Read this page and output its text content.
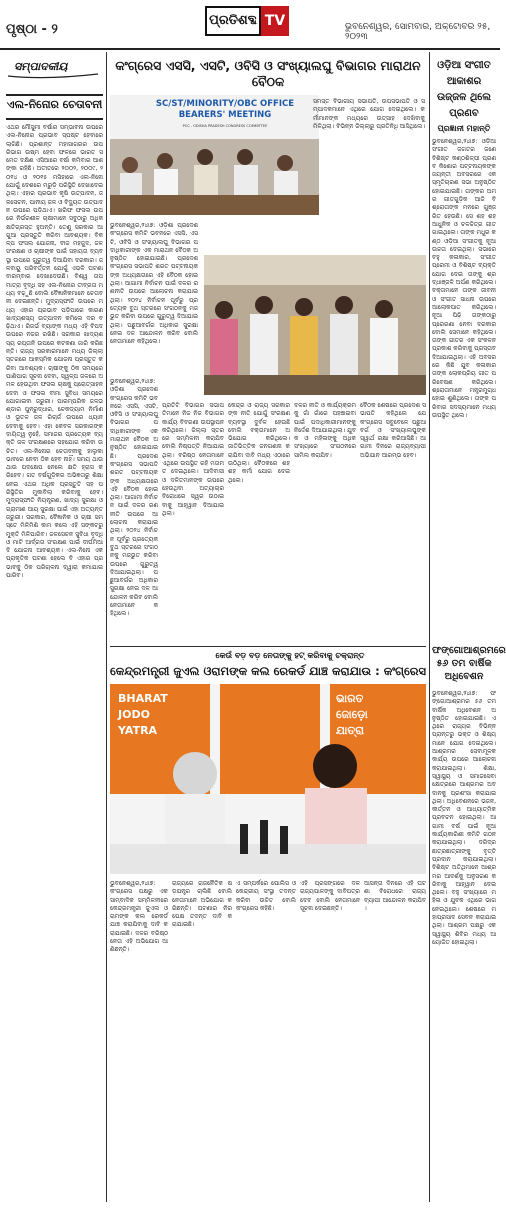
ପୃଷ୍ଠା - ୨
ପ୍ରତିଶବ୍ଦ TV	ଭୁବନେଶ୍ୱର, ସୋମବାର, ଅକ୍ଟୋବର ୨୫, ୨୦୨୩
ସମ୍ପାଦକୀୟ
ଏଲ-ନିନୋର ଚେତାବନୀ
ଏଥର ମୌସୁମୀ ବର୍ଷାର ସମ୍ଭାବନା ଉପରେ ଏଲ-ନିନୋର ପ୍ରଭାବ ସ୍ପଷ୍ଟ ହେବାରେ ଲାଗିଛି। ପ୍ରଶାନ୍ତ ମହାସାଗରର ଉପରିଭାଗ ଉଷ୍ମ ହେବା ଫଳରେ ଭାରତ ସମେତ ଦକ୍ଷିଣ ଏସିଆରେ ବର୍ଷା କମିବାର ଆଶଙ୍କା ରହିଛି। ଅତୀତରେ ୨୦୦୨, ୨୦୦୯, ୨୦୧୪ ଓ ୨୦୧୫ ମସିହାରେ ଏଲ-ନିନୋ ଯୋଗୁଁ ଦେଶରେ ମରୁଡ଼ି ପରିସ୍ଥିତି ଦେଖାଦେଇଥିଲା। ଏହାର ପ୍ରଭାବ କୃଷି ଉତ୍ପାଦନ, ଜଳସେଚନ, ପାନୀୟ ଜଳ ଓ ବିଦ୍ୟୁତ ଉତ୍ପାଦନ ଉପରେ ପଡ଼ିଥାଏ। ଖରିଫ ଫସଲ ଉପରେ ନିର୍ଭରଶୀଳ ଚାଷୀମାନେ ସବୁଠାରୁ ଅଧିକ କ୍ଷତିଗ୍ରସ୍ତ ହୁଅନ୍ତି। ତେଣୁ ସରକାର ଆଗୁଆ ପ୍ରସ୍ତୁତି କରିବା ଆବଶ୍ୟକ। ବିକଳ୍ପ ଫସଲ ଯୋଜନା, ବୀଜ ମହଜୁଦ, ଜଳ ସଂରକ୍ଷଣ ଓ ଚାଷୀଙ୍କ ପାଇଁ ସହାୟତା ବ୍ୟବସ୍ଥା ଉପରେ ଗୁରୁତ୍ୱ ଦିଆଯିବା ଦରକାର। ଜଳବାୟୁ ପରିବର୍ତ୍ତନ ଯୋଗୁଁ ଏଭଳି ଘଟଣା ବାରମ୍ବାର ଦେଖାଦେଉଛି। ବିଶ୍ୱ ତାପମାତ୍ରା ବୃଦ୍ଧି ସହ ଏଲ-ନିନୋର ତୀବ୍ରତା ମଧ୍ୟ ବଢ଼ୁଛି ବୋଲି ବୈଜ୍ଞାନିକମାନେ ଚେତାବନୀ ଦେଇଛନ୍ତି। ମୁଦ୍ରାସ୍ଫୀତି ଉପରେ ମଧ୍ୟ ଏହାର ପ୍ରଭାବ ପଡ଼ିପାରେ କାରଣ ଖାଦ୍ୟଶସ୍ୟ ଉତ୍ପାଦନ କମିଲେ ଦର ବଢ଼ିଥାଏ। ରିଜର୍ଭ ବ୍ୟାଙ୍କ ମଧ୍ୟ ଏହି ବିପଦ ଉପରେ ନଜର ରଖିଛି। ସରକାର ଖାଦ୍ୟଶସ୍ୟ ରପ୍ତାନି ଉପରେ କଟକଣା ଜାରି କରିଛନ୍ତି। ରାଜ୍ୟ ସରକାରମାନେ ମଧ୍ୟ ଜିଲ୍ଲା ସ୍ତରରେ ଆକସ୍ମିକ ଯୋଜନା ପ୍ରସ୍ତୁତ କରିବା ଆବଶ୍ୟକ। ଚାଷୀଙ୍କୁ ଠିକ ସମୟରେ ପାଣିପାଗ ସୂଚନା ଦେବା, ସ୍ୱଳ୍ପ ଜଳରେ ଅମଳ ହେଉଥିବା ଫସଲ ଚାଷକୁ ପ୍ରୋତ୍ସାହନ ଦେବା ଓ ଫସଲ ବୀମା ସୁବିଧା ସମୟରେ ଯୋଗାଇବା ଜରୁରୀ। ପାରମ୍ପରିକ ଜଳଭଣ୍ଡାର ପୁନରୁଦ୍ଧାର, ଚେକଡ୍ୟାମ ନିର୍ମାଣ ଓ ଭୂତଳ ଜଳ ରିଚାର୍ଜ ଉପରେ ଧ୍ୟାନ ଦେବାକୁ ହେବ। ଏହା କେବଳ ସରକାରଙ୍କ ଦାୟିତ୍ୱ ନୁହେଁ, ସମାଜର ପ୍ରତ୍ୟେକ ବ୍ୟକ୍ତି ଜଳ ସଂରକ୍ଷଣରେ ସହଯୋଗ କରିବା ଉଚିତ। ଏଲ-ନିନୋର ଚେତାବନୀକୁ ହାଲୁକା ଭାବରେ ନେବା ଠିକ ହେବ ନାହିଁ। ସମୟ ଥାଉ ଥାଉ ପଦକ୍ଷେପ ନେଲେ କ୍ଷତି ହ୍ରାସ କରିହେବ। ଗତ ବର୍ଷଗୁଡ଼ିକର ଅଭିଜ୍ଞତାରୁ ଶିକ୍ଷା ନେଇ ଏଥର ଅଧିକ ପ୍ରସ୍ତୁତି ସହ ପରିସ୍ଥିତିର ମୁକାବିଲା କରିବାକୁ ହେବ। ମୁଦ୍ରାସ୍ଫୀତି ନିୟନ୍ତ୍ରଣ, ଖାଦ୍ୟ ସୁରକ୍ଷା ଓ ଗ୍ରାମୀଣ ଆୟ ସୁରକ୍ଷା ପାଇଁ ଏହା ଅତ୍ୟନ୍ତ ଜରୁରୀ। ସରକାର, ବୈଜ୍ଞାନିକ ଓ ଚାଷୀ ସମସ୍ତେ ମିଳିମିଶି କାମ କଲେ ଏହି ସଙ୍କଟରୁ ମୁକ୍ତି ମିଳିପାରିବ। ଜଳସେଚନ ସୁବିଧା ବୃଦ୍ଧି ଓ ମାଟି ଆର୍ଦ୍ରତା ସଂରକ୍ଷଣ ପାଇଁ ଦୀର୍ଘମିଆଦି ଯୋଜନା ଆବଶ୍ୟକ। ଏଲ-ନିନୋ ଏକ ପ୍ରାକୃତିକ ଘଟଣା ହେଲେ ବି ଏହାର ପ୍ରଭାବକୁ ଠିକ ପରିଚାଳନା ଦ୍ୱାରା କମାଯାଇପାରିବ।
କଂଗ୍ରେସ ଏସସି, ଏସଟି, ଓବିସି ଓ ସଂଖ୍ୟାଲଘୁ ବିଭାଗର ମାରାଥନ ବୈଠକ
SC/ST/MINORITY/OBC OFFICE BEARERS' MEETING
PCC - ODISHA PRADESH CONGRESS COMMITTEE
ଭୁବନେଶ୍ୱର,୨୪ା୭: ଓଡ଼ିଶା ପ୍ରଦେଶ କଂଗ୍ରେସ କମିଟି ଭବନରେ ଏସସି, ଏସଟି, ଓବିସି ଓ ସଂଖ୍ୟାଲଘୁ ବିଭାଗର ପଦାଧିକାରୀଙ୍କ ଏକ ମାରାଥନ ବୈଠକ ଅନୁଷ୍ଠିତ ହୋଇଯାଇଛି। ପ୍ରଦେଶ କଂଗ୍ରେସ ସଭାପତି ଶରତ ପଟ୍ଟନାୟକଙ୍କ ଅଧ୍ୟକ୍ଷତାରେ ଏହି ବୈଠକ ହୋଇଥିଲା। ଆଗାମୀ ନିର୍ବାଚନ ପାଇଁ ଦଳର ରଣନୀତି ଉପରେ ଆଲୋଚନା କରାଯାଇଥିଲା। ୨୦୨୪ ନିର୍ବାଚନ ପୂର୍ବରୁ ପ୍ରତ୍ୟେକ ବୁଥ ସ୍ତରରେ ସଂଗଠନକୁ ମଜଭୁତ କରିବା ଉପରେ ଗୁରୁତ୍ୱ ଦିଆଯାଇଥିଲା। ପଛୁଆବର୍ଗର ଅଧିକାର ସୁରକ୍ଷା ନେଇ ଦଳ ଆନ୍ଦୋଳନ କରିବ ବୋଲି ନେତାମାନେ କହିଥିଲେ।
ଭୁବନେଶ୍ୱର,୨୪ା୭: ଓଡ଼ିଶା ପ୍ରଦେଶ କଂଗ୍ରେସ କମିଟି ଭବନରେ ଏସସି, ଏସଟି, ଓବିସି ଓ ସଂଖ୍ୟାଲଘୁ ବିଭାଗର ପଦାଧିକାରୀଙ୍କ ଏକ ମାରାଥନ ବୈଠକ ଅନୁଷ୍ଠିତ ହୋଇଯାଇଛି। ପ୍ରଦେଶ କଂଗ୍ରେସ ସଭାପତି ଶରତ ପଟ୍ଟନାୟକଙ୍କ ଅଧ୍ୟକ୍ଷତାରେ ଏହି ବୈଠକ ହୋଇଥିଲା। ଆଗାମୀ ନିର୍ବାଚନ ପାଇଁ ଦଳର ରଣନୀତି ଉପରେ ଆଲୋଚନା କରାଯାଇଥିଲା। ୨୦୨୪ ନିର୍ବାଚନ ପୂର୍ବରୁ ପ୍ରତ୍ୟେକ ବୁଥ ସ୍ତରରେ ସଂଗଠନକୁ ମଜଭୁତ କରିବା ଉପରେ ଗୁରୁତ୍ୱ ଦିଆଯାଇଥିଲା। ପଛୁଆବର୍ଗର ଅଧିକାର ସୁରକ୍ଷା ନେଇ ଦଳ ଆନ୍ଦୋଳନ କରିବ ବୋଲି ନେତାମାନେ କହିଥିଲେ।
ସମସ୍ତ ବିଭାଗୀୟ ସଭାପତି, ଉପସଭାପତି ଓ ସମ୍ପାଦକମାନେ ଏଥିରେ ଯୋଗ ଦେଇଥିଲେ। କର୍ମୀମାନଙ୍କ ମଧ୍ୟରେ ଉତ୍ସାହ ଦେଖିବାକୁ ମିଳିଥିଲା। ବିଭିନ୍ନ ଜିଲ୍ଲାରୁ ପ୍ରତିନିଧି ଆସିଥିଲେ।
ପ୍ରତିଟି ବିଭାଗର ସଭାପତିମାନେ ନିଜ ନିଜ ବିଭାଗର କାର୍ଯ୍ୟ ବିବରଣୀ ଉପସ୍ଥାପନ କରିଥିଲେ। ଜିଲ୍ଲା ସ୍ତରରେ ସମ୍ମିଳନୀ କରାଯିବ ବୋଲି ନିଷ୍ପତ୍ତି ନିଆଯାଇଥିଲା। ବରିଷ୍ଠ ନେତାମାନେ ଏଥିରେ ଉପସ୍ଥିତ ରହି ମତାମତ ଦେଇଥିଲେ। ଆଦିବାସୀ ଓ ଦଳିତମାନଙ୍କ ଉପରେ ହେଉଥିବା ଅତ୍ୟାଚାର ବିରୋଧରେ ସ୍ୱର ଉଠାଇବାକୁ ଆହ୍ୱାନ ଦିଆଯାଇଥିଲା।
କେନ୍ଦ୍ର ଓ ରାଜ୍ୟ ସରକାରଙ୍କ ନୀତି ଯୋଗୁଁ ସଂରକ୍ଷଣ ବ୍ୟବସ୍ଥା ଦୁର୍ବଳ ହେଉଛି ବୋଲି ବକ୍ତାମାନେ ଅଭିଯୋଗ କରିଥିଲେ। ଜାତିଭିତ୍ତିକ ଜନଗଣନା କରାଯିବା ଦାବି ମଧ୍ୟ ଏଠାରେ ଉଠିଥିଲା। ବୈଠକରେ ଶହ ଶହ କର୍ମୀ ଯୋଗ ଦେଇଥିଲେ।
ଦଳର ନୀତି ଓ କାର୍ଯ୍ୟକ୍ରମକୁ ଗାଁ ଗାଁରେ ପହଞ୍ଚାଇବା ପାଇଁ ପଦାଧିକାରୀମାନଙ୍କୁ ନିର୍ଦ୍ଦେଶ ଦିଆଯାଇଥିଲା। ଯୁବକ ଓ ମହିଳାଙ୍କୁ ଅଧିକ ସଂଖ୍ୟାରେ ସଂଗଠନରେ ସାମିଲ କରାଯିବ।
ବୈଠକ ଶେଷରେ ପ୍ରଦେଶ ସଭାପତି କହିଥିଲେ ଯେ କଂଗ୍ରେସ ସବୁବେଳେ ପଛୁଆବର୍ଗ ଓ ସଂଖ୍ୟାଲଘୁଙ୍କ ସ୍ୱାର୍ଥ ରକ୍ଷା କରିଆସିଛି। ଆଗାମୀ ଦିନରେ ରାଜ୍ୟବ୍ୟାପୀ ଅଭିଯାନ ଆରମ୍ଭ ହେବ।
କେଉଁ ବଡ଼ ବଡ଼ ନେତାଙ୍କୁ ହଟ୍ କରିବାକୁ ଚକ୍ରାନ୍ତ
କେନ୍ଦ୍ରମନ୍ତ୍ରୀ ଜୁଏଲ ଓରାମଙ୍କ କଲ ରେକର୍ଡ ଯାଞ୍ଚ କରାଯାଉ : କଂଗ୍ରେସ
BHARAT
JODO
YATRA
ଭାରତ
ଜୋଡ଼ୋ
ଯାତ୍ରା
ଭୁବନେଶ୍ୱର,୨୪ା୭: କଂଗ୍ରେସ ପକ୍ଷରୁ ଏକ ସାମ୍ବାଦିକ ସମ୍ମିଳନୀରେ କେନ୍ଦ୍ରମନ୍ତ୍ରୀ ଜୁଏଲ ଓରାମଙ୍କ କଲ ରେକର୍ଡ ଯାଞ୍ଚ କରାଯିବାକୁ ଦାବି କରାଯାଇଛି। ଦଳର ବରିଷ୍ଠ ନେତା ଏହି ଅଭିଯୋଗ ଆଣିଛନ୍ତି।
ରାଜ୍ୟରେ ରାଜନୈତିକ ଷଡ଼ଯନ୍ତ୍ର ଚାଲିଛି ବୋଲି ନେତାମାନେ ଅଭିଯୋଗ କରିଛନ୍ତି। ଘଟଣାର ନିରପେକ୍ଷ ତଦନ୍ତ ଦାବି କରାଯାଇଛି।
ଏ ସମ୍ପର୍କରେ ପୋଲିସ ଓ କେନ୍ଦ୍ରୀୟ ସଂସ୍ଥା ତଦନ୍ତ କରିବା ଉଚିତ ବୋଲି କଂଗ୍ରେସ କହିଛି।
ଏହି ପ୍ରସଙ୍ଗରେ ଦଳ ରାଜ୍ୟପାଳଙ୍କୁ ଦାବିପତ୍ର ଦେବ ବୋଲି ନେତାମାନେ ସୂଚନା ଦେଇଛନ୍ତି।
ଆସନ୍ତା ଦିନରେ ଏହି ଘଟଣା ବିରୋଧରେ ରାଜ୍ୟବ୍ୟାପୀ ଆନ୍ଦୋଳନ କରାଯିବ।
ଓଡ଼ିଆ ସଂଗୀତ ଆକାଶର ଉଜ୍ଜଳ ଥିଲେ ପ୍ରଣବ
ପ୍ରଜ୍ଞାନୀ ମହାନ୍ତି
ଭୁବନେଶ୍ୱର,୨୪ା୭: ଓଡ଼ିଆ ସଂଗୀତ ଜଗତର ଜଣେ ବିଶିଷ୍ଟ କଣ୍ଠଶିଳ୍ପୀ ପ୍ରଣବ କିଶୋର ପଟ୍ଟନାୟକଙ୍କ ଜୟନ୍ତୀ ଅବସରରେ ଏକ ସ୍ମୃତିଚାରଣ ସଭା ଅନୁଷ୍ଠିତ ହୋଇଯାଇଛି। ତାଙ୍କର ଅମର ଗୀତଗୁଡ଼ିକ ଆଜି ବି ଶ୍ରୋତାଙ୍କ ମନରେ ଗୁଞ୍ଜରିତ ହେଉଛି। ସେ ଶହ ଶହ ଆଧୁନିକ ଓ ଚଳଚ୍ଚିତ୍ର ଗୀତ ଗାଇଥିଲେ। ତାଙ୍କ ମଧୁର କଣ୍ଠ ଓଡ଼ିଆ ସଂଗୀତକୁ ନୂଆ ଉଚ୍ଚତା ଦେଇଥିଲା। ସଭାରେ ବହୁ କଳାକାର, ସଂଗୀତପ୍ରେମୀ ଓ ବିଶିଷ୍ଟ ବ୍ୟକ୍ତି ଯୋଗ ଦେଇ ତାଙ୍କୁ ଶ୍ରଦ୍ଧାଞ୍ଜଳି ଅର୍ପଣ କରିଥିଲେ। ବକ୍ତାମାନେ ତାଙ୍କ ଜୀବନୀ ଓ ସଂଗୀତ ସାଧନା ଉପରେ ଆଲୋକପାତ କରିଥିଲେ। ନୂଆ ପିଢ଼ି ତାଙ୍କଠାରୁ ପ୍ରେରଣା ନେବା ଦରକାର ବୋଲି ସେମାନେ କହିଥିଲେ। ତାଙ୍କ ଗୀତର ଏକ ସଂକଳନ ପ୍ରକାଶ କରିବାକୁ ପ୍ରସ୍ତାବ ଦିଆଯାଇଥିଲା। ଏହି ଅବସରରେ କିଛି ଯୁବ କଳାକାର ତାଙ୍କ ଲୋକପ୍ରିୟ ଗୀତ ପରିବେଷଣ କରିଥିଲେ। ଶ୍ରୋତାମାନେ ମନ୍ତ୍ରମୁଗ୍ଧ ହୋଇ ଶୁଣିଥିଲେ। ତାଙ୍କ ପରିବାର ସଦସ୍ୟମାନେ ମଧ୍ୟ ଉପସ୍ଥିତ ଥିଲେ।
ଫଙ୍ଗୋଆଶ୍ରମରେ ୫୬ ତମ ବାର୍ଷିକ ଅଧିବେଶନ
ଭୁବନେଶ୍ୱର,୨୪ା୭: ଫଙ୍ଗୋଆଶ୍ରମର ୫୬ ତମ ବାର୍ଷିକ ଅଧିବେଶନ ଅନୁଷ୍ଠିତ ହୋଇଯାଇଛି। ଏଥିରେ ରାଜ୍ୟର ବିଭିନ୍ନ ପ୍ରାନ୍ତରୁ ଭକ୍ତ ଓ ଶିଷ୍ୟମାନେ ଯୋଗ ଦେଇଥିଲେ। ଆଶ୍ରମର ସେବାମୂଳକ କାର୍ଯ୍ୟ ଉପରେ ଆଲୋଚନା କରାଯାଇଥିଲା। ଶିକ୍ଷା, ସ୍ୱାସ୍ଥ୍ୟ ଓ ସମାଜସେବା କ୍ଷେତ୍ରରେ ଆଶ୍ରମର ଅବଦାନକୁ ପ୍ରଶଂସା କରାଯାଇଥିଲା। ଅଧିବେଶନରେ ଭଜନ, କୀର୍ତ୍ତନ ଓ ଆଧ୍ୟାତ୍ମିକ ପ୍ରବଚନ ହୋଇଥିଲା। ଆଗାମୀ ବର୍ଷ ପାଇଁ ନୂଆ କାର୍ଯ୍ୟକାରିଣୀ କମିଟି ଗଠନ କରାଯାଇଥିଲା। ଦରିଦ୍ର ଛାତ୍ରଛାତ୍ରୀଙ୍କୁ ବୃତ୍ତି ପ୍ରଦାନ କରାଯାଇଥିଲା। ବିଶିଷ୍ଟ ଅତିଥିମାନେ ଆଶ୍ରମର ଆଦର୍ଶକୁ ଅନୁସରଣ କରିବାକୁ ଆହ୍ୱାନ ଦେଇଥିଲେ। ବହୁ ସଂଖ୍ୟାରେ ମହିଳା ଓ ଯୁବକ ଏଥିରେ ଭାଗ ନେଇଥିଲେ। ଶେଷରେ ମହାପ୍ରସାଦ ସେବନ କରାଯାଇଥିଲା। ଆଶ୍ରମ ପକ୍ଷରୁ ଏକ ସ୍ୱାସ୍ଥ୍ୟ ଶିବିର ମଧ୍ୟ ଆୟୋଜିତ ହୋଇଥିଲା।
